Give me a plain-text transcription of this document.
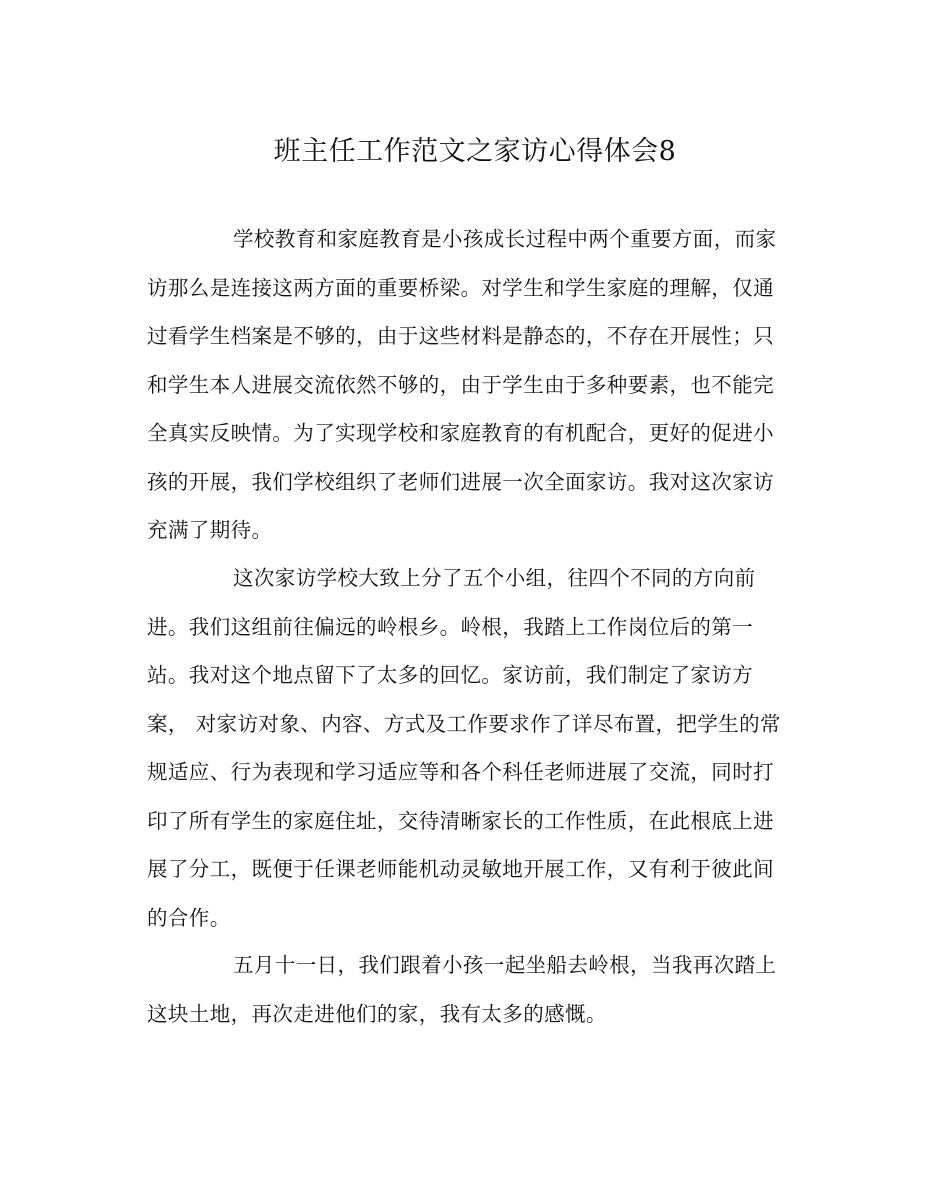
班主任工作范文之家访心得体会8

学校教育和家庭教育是小孩成长过程中两个重要方面，而家
访那么是连接这两方面的重要桥梁。对学生和学生家庭的理解，仅通
过看学生档案是不够的，由于这些材料是静态的，不存在开展性；只
和学生本人进展交流依然不够的，由于学生由于多种要素，也不能完
全真实反映情。为了实现学校和家庭教育的有机配合，更好的促进小
孩的开展，我们学校组织了老师们进展一次全面家访。我对这次家访
充满了期待。

这次家访学校大致上分了五个小组，往四个不同的方向前
进。我们这组前往偏远的岭根乡。岭根，我踏上工作岗位后的第一
站。我对这个地点留下了太多的回忆。家访前，我们制定了家访方
案， 对家访对象、内容、方式及工作要求作了详尽布置，把学生的常
规适应、行为表现和学习适应等和各个科任老师进展了交流，同时打
印了所有学生的家庭住址，交待清晰家长的工作性质，在此根底上进
展了分工，既便于任课老师能机动灵敏地开展工作，又有利于彼此间
的合作。

五月十一日，我们跟着小孩一起坐船去岭根，当我再次踏上
这块土地，再次走进他们的家，我有太多的感慨。
